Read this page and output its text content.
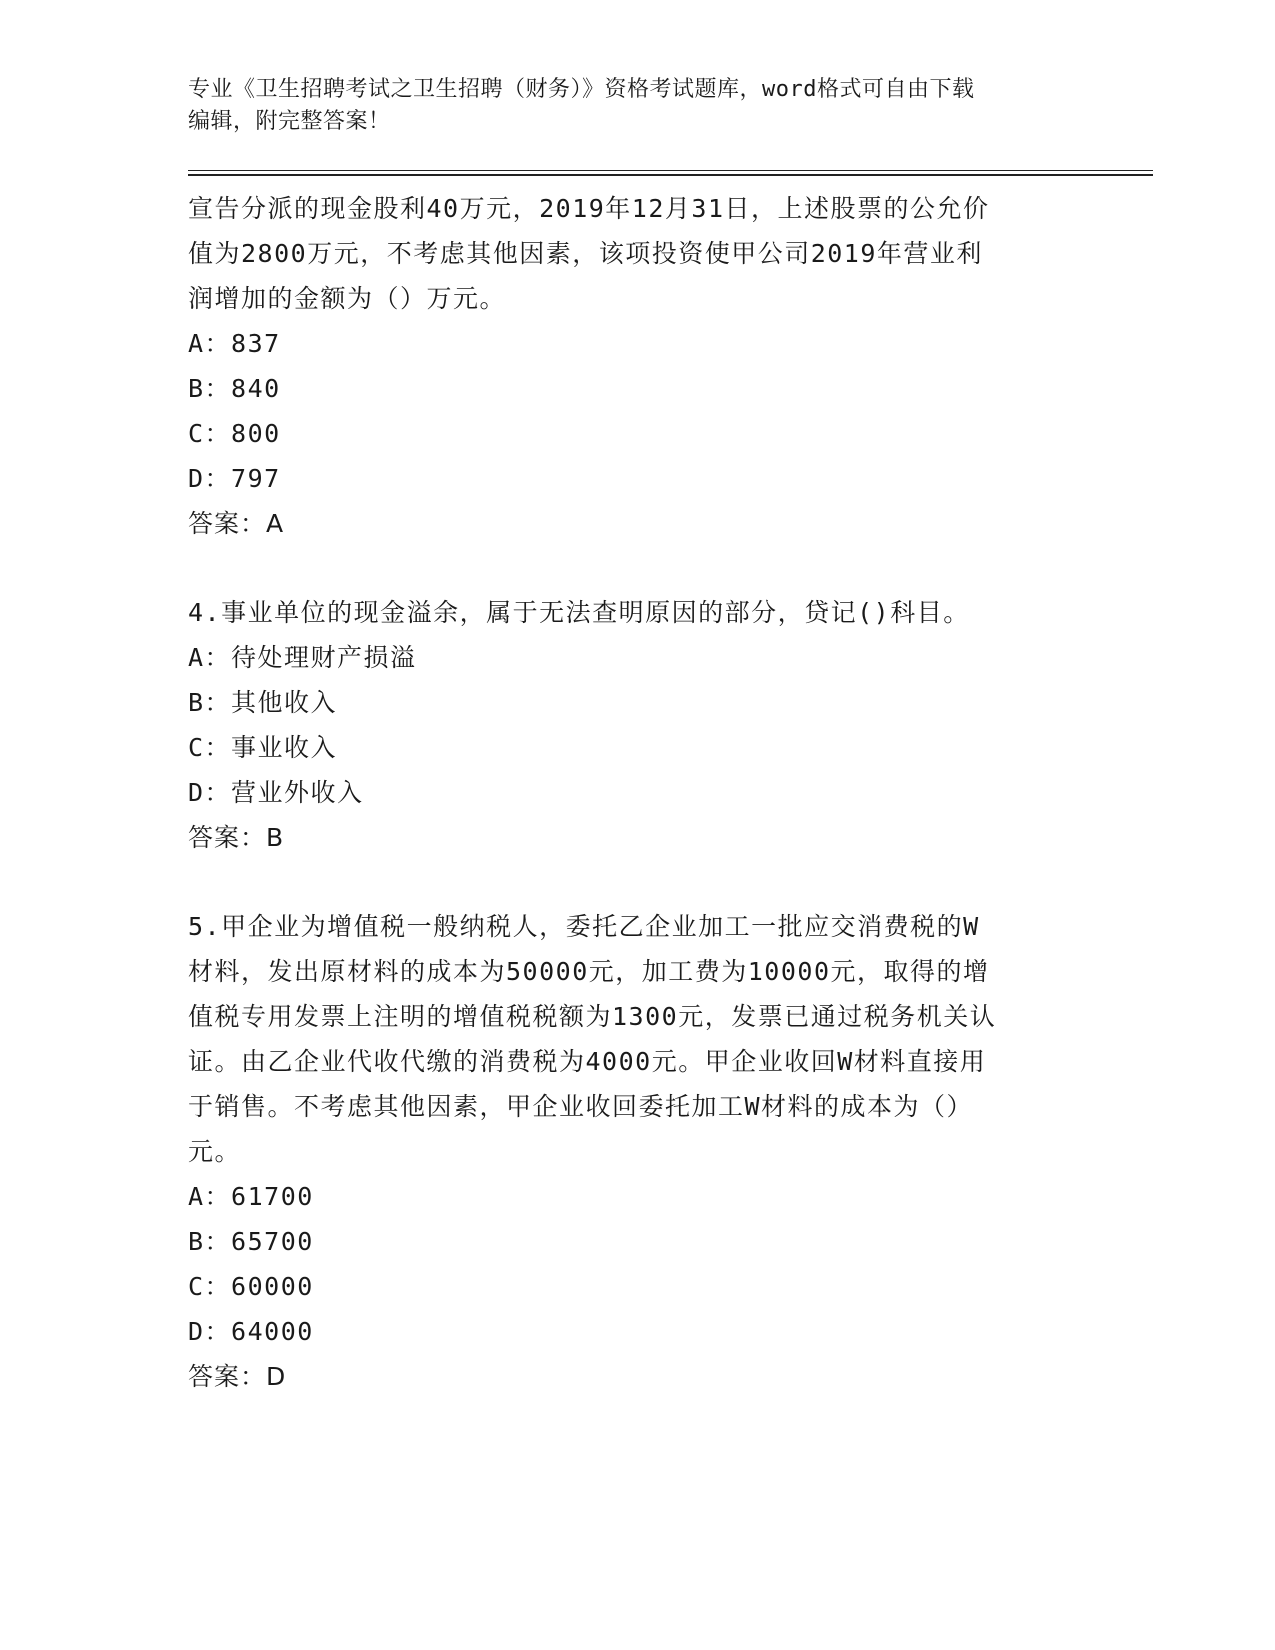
专业《卫生招聘考试之卫生招聘（财务）》资格考试题库，word格式可自由下载
编辑，附完整答案！

宣告分派的现金股利40万元，2019年12月31日，上述股票的公允价

值为2800万元，不考虑其他因素，该项投资使甲公司2019年营业利

润增加的金额为（）万元。

A：837

B：840

C：800

D：797

答案：A

4.事业单位的现金溢余，属于无法查明原因的部分，贷记()科目。

A：待处理财产损溢

B：其他收入

C：事业收入

D：营业外收入

答案：B

5.甲企业为增值税一般纳税人，委托乙企业加工一批应交消费税的W

材料，发出原材料的成本为50000元，加工费为10000元，取得的增

值税专用发票上注明的增值税税额为1300元，发票已通过税务机关认

证。由乙企业代收代缴的消费税为4000元。甲企业收回W材料直接用

于销售。不考虑其他因素，甲企业收回委托加工W材料的成本为（）

元。

A：61700

B：65700

C：60000

D：64000

答案：D
